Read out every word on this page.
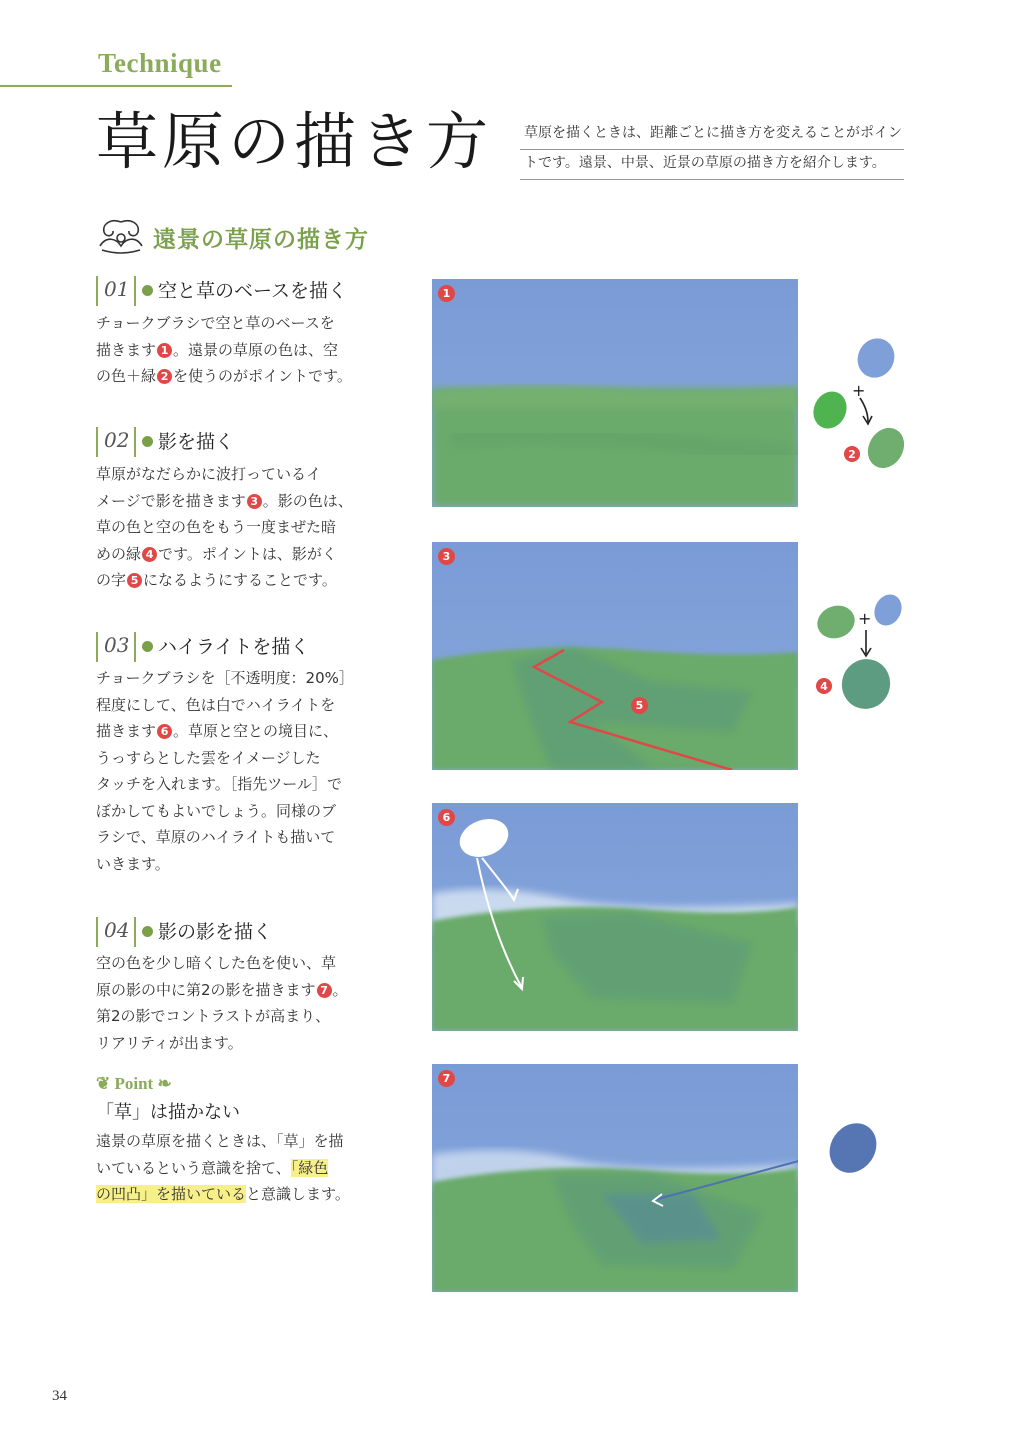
Technique
草原の描き方 草原を描くときは、距離ごとに描き方を変えることがポイン
トです。遠景、中景、近景の草原の描き方を紹介します。
遠景の草原の描き方
01 空と草のベースを描く

チョークブラシで空と草のベースを

描きます 1 。遠景の草原の色は、空

の色＋緑 2 を使うのがポイントです。

02 影を描く

草原がなだらかに波打っているイ

メージで影を描きます 3 。影の色は、

草の色と空の色をもう一度まぜた暗

めの緑 4 です。ポイントは、影がく

の字 5 になるようにすることです。

03 ハイライトを描く

チョークブラシを［不透明度：20%］

程度にして、色は白でハイライトを

描きます 6 。草原と空との境目に、

うっすらとした雲をイメージした

タッチを入れます。［指先ツール］で

ぼかしてもよいでしょう。同様のブ

ラシで、草原のハイライトも描いて

いきます。

04 影の影を描く

空の色を少し暗くした色を使い、草

原の影の中に第2の影を描きます 7 。

第2の影でコントラストが高まり、

リアリティが出ます。

❦ Point ❧
「草」は描かない

遠景の草原を描くときは、「草」を描

いているという意識を捨て、「緑色

の凹凸」を描いていると意識します。

1
3
5
6
7
+
2
+
4
34
